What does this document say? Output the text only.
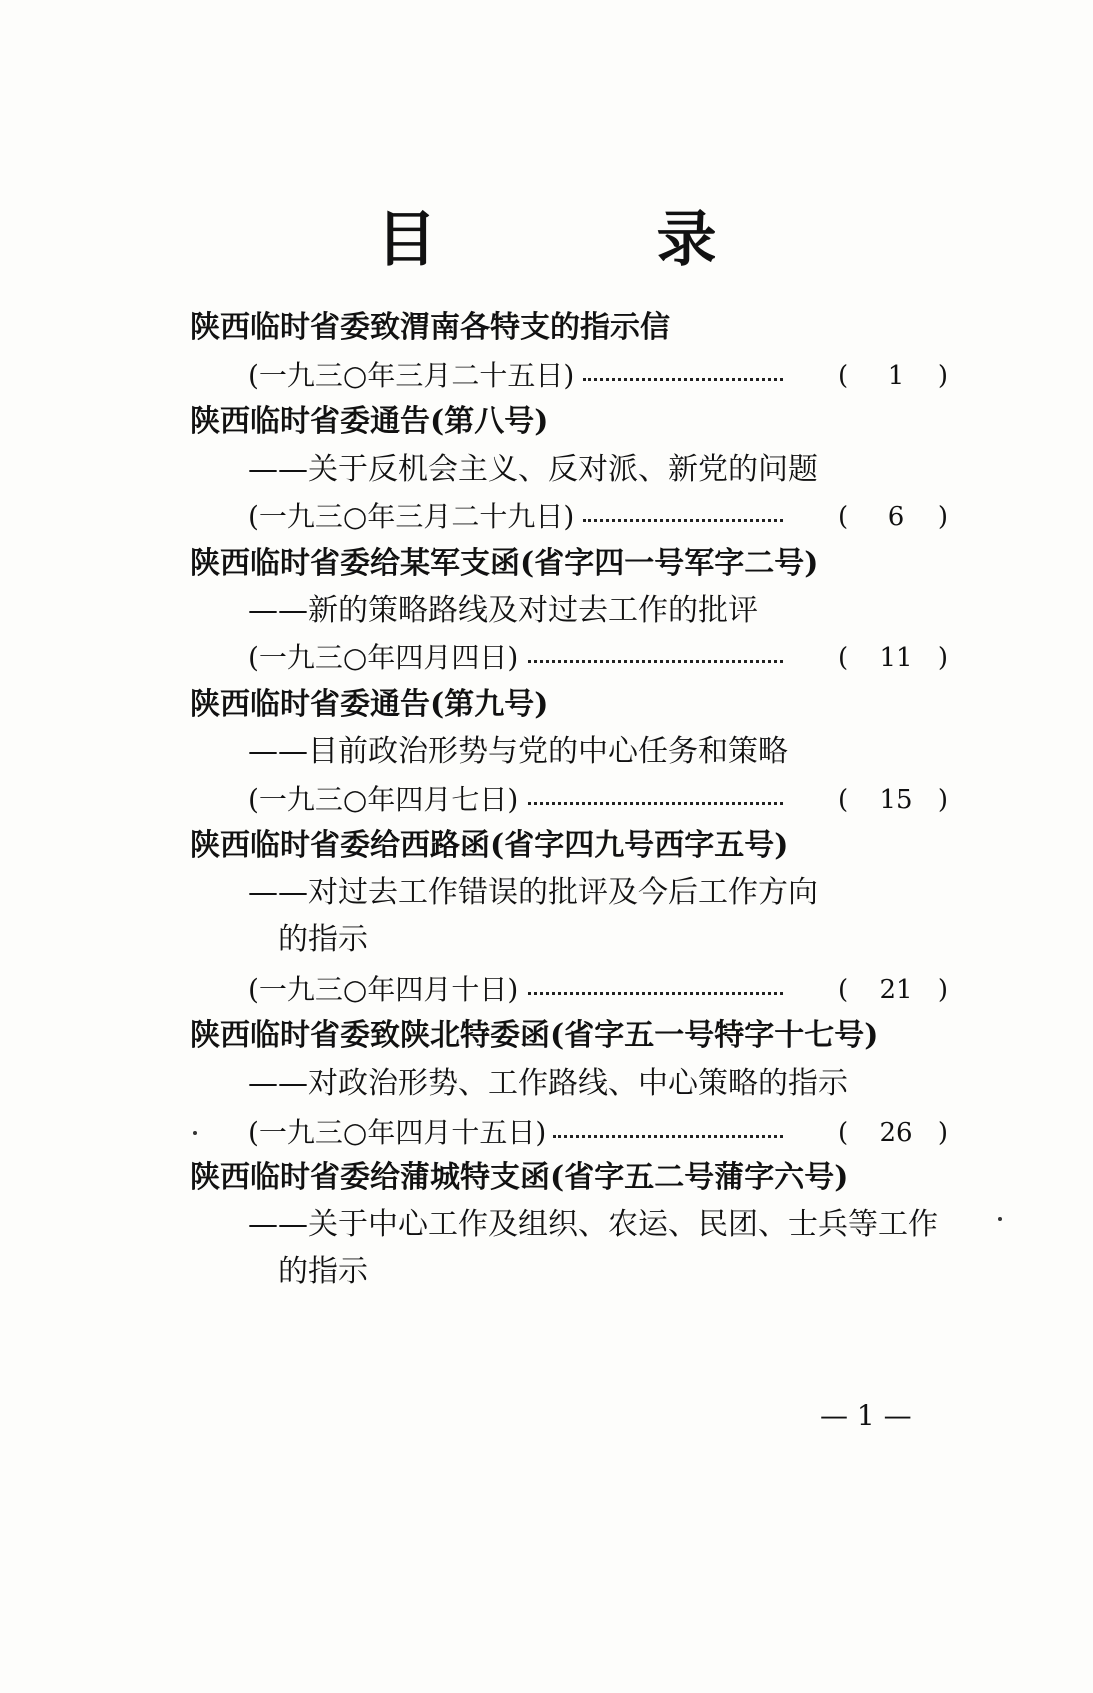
目　录
陕西临时省委致渭南各特支的指示信
(一九三○年三月二十五日)	(	1	)
陕西临时省委通告(第八号)
——关于反机会主义、反对派、新党的问题
(一九三○年三月二十九日)	(	6	)
陕西临时省委给某军支函(省字四一号军字二号)
——新的策略路线及对过去工作的批评
(一九三○年四月四日)	( 11 )
陕西临时省委通告(第九号)
——目前政治形势与党的中心任务和策略
(一九三○年四月七日)	( 15 )
陕西临时省委给西路函(省字四九号西字五号)
——对过去工作错误的批评及今后工作方向
的指示
(一九三○年四月十日)	( 21 )
陕西临时省委致陕北特委函(省字五一号特字十七号)
——对政治形势、工作路线、中心策略的指示
(一九三○年四月十五日)	( 26 )
陕西临时省委给蒲城特支函(省字五二号蒲字六号)
——关于中心工作及组织、农运、民团、士兵等工作
的指示
— 1 —
